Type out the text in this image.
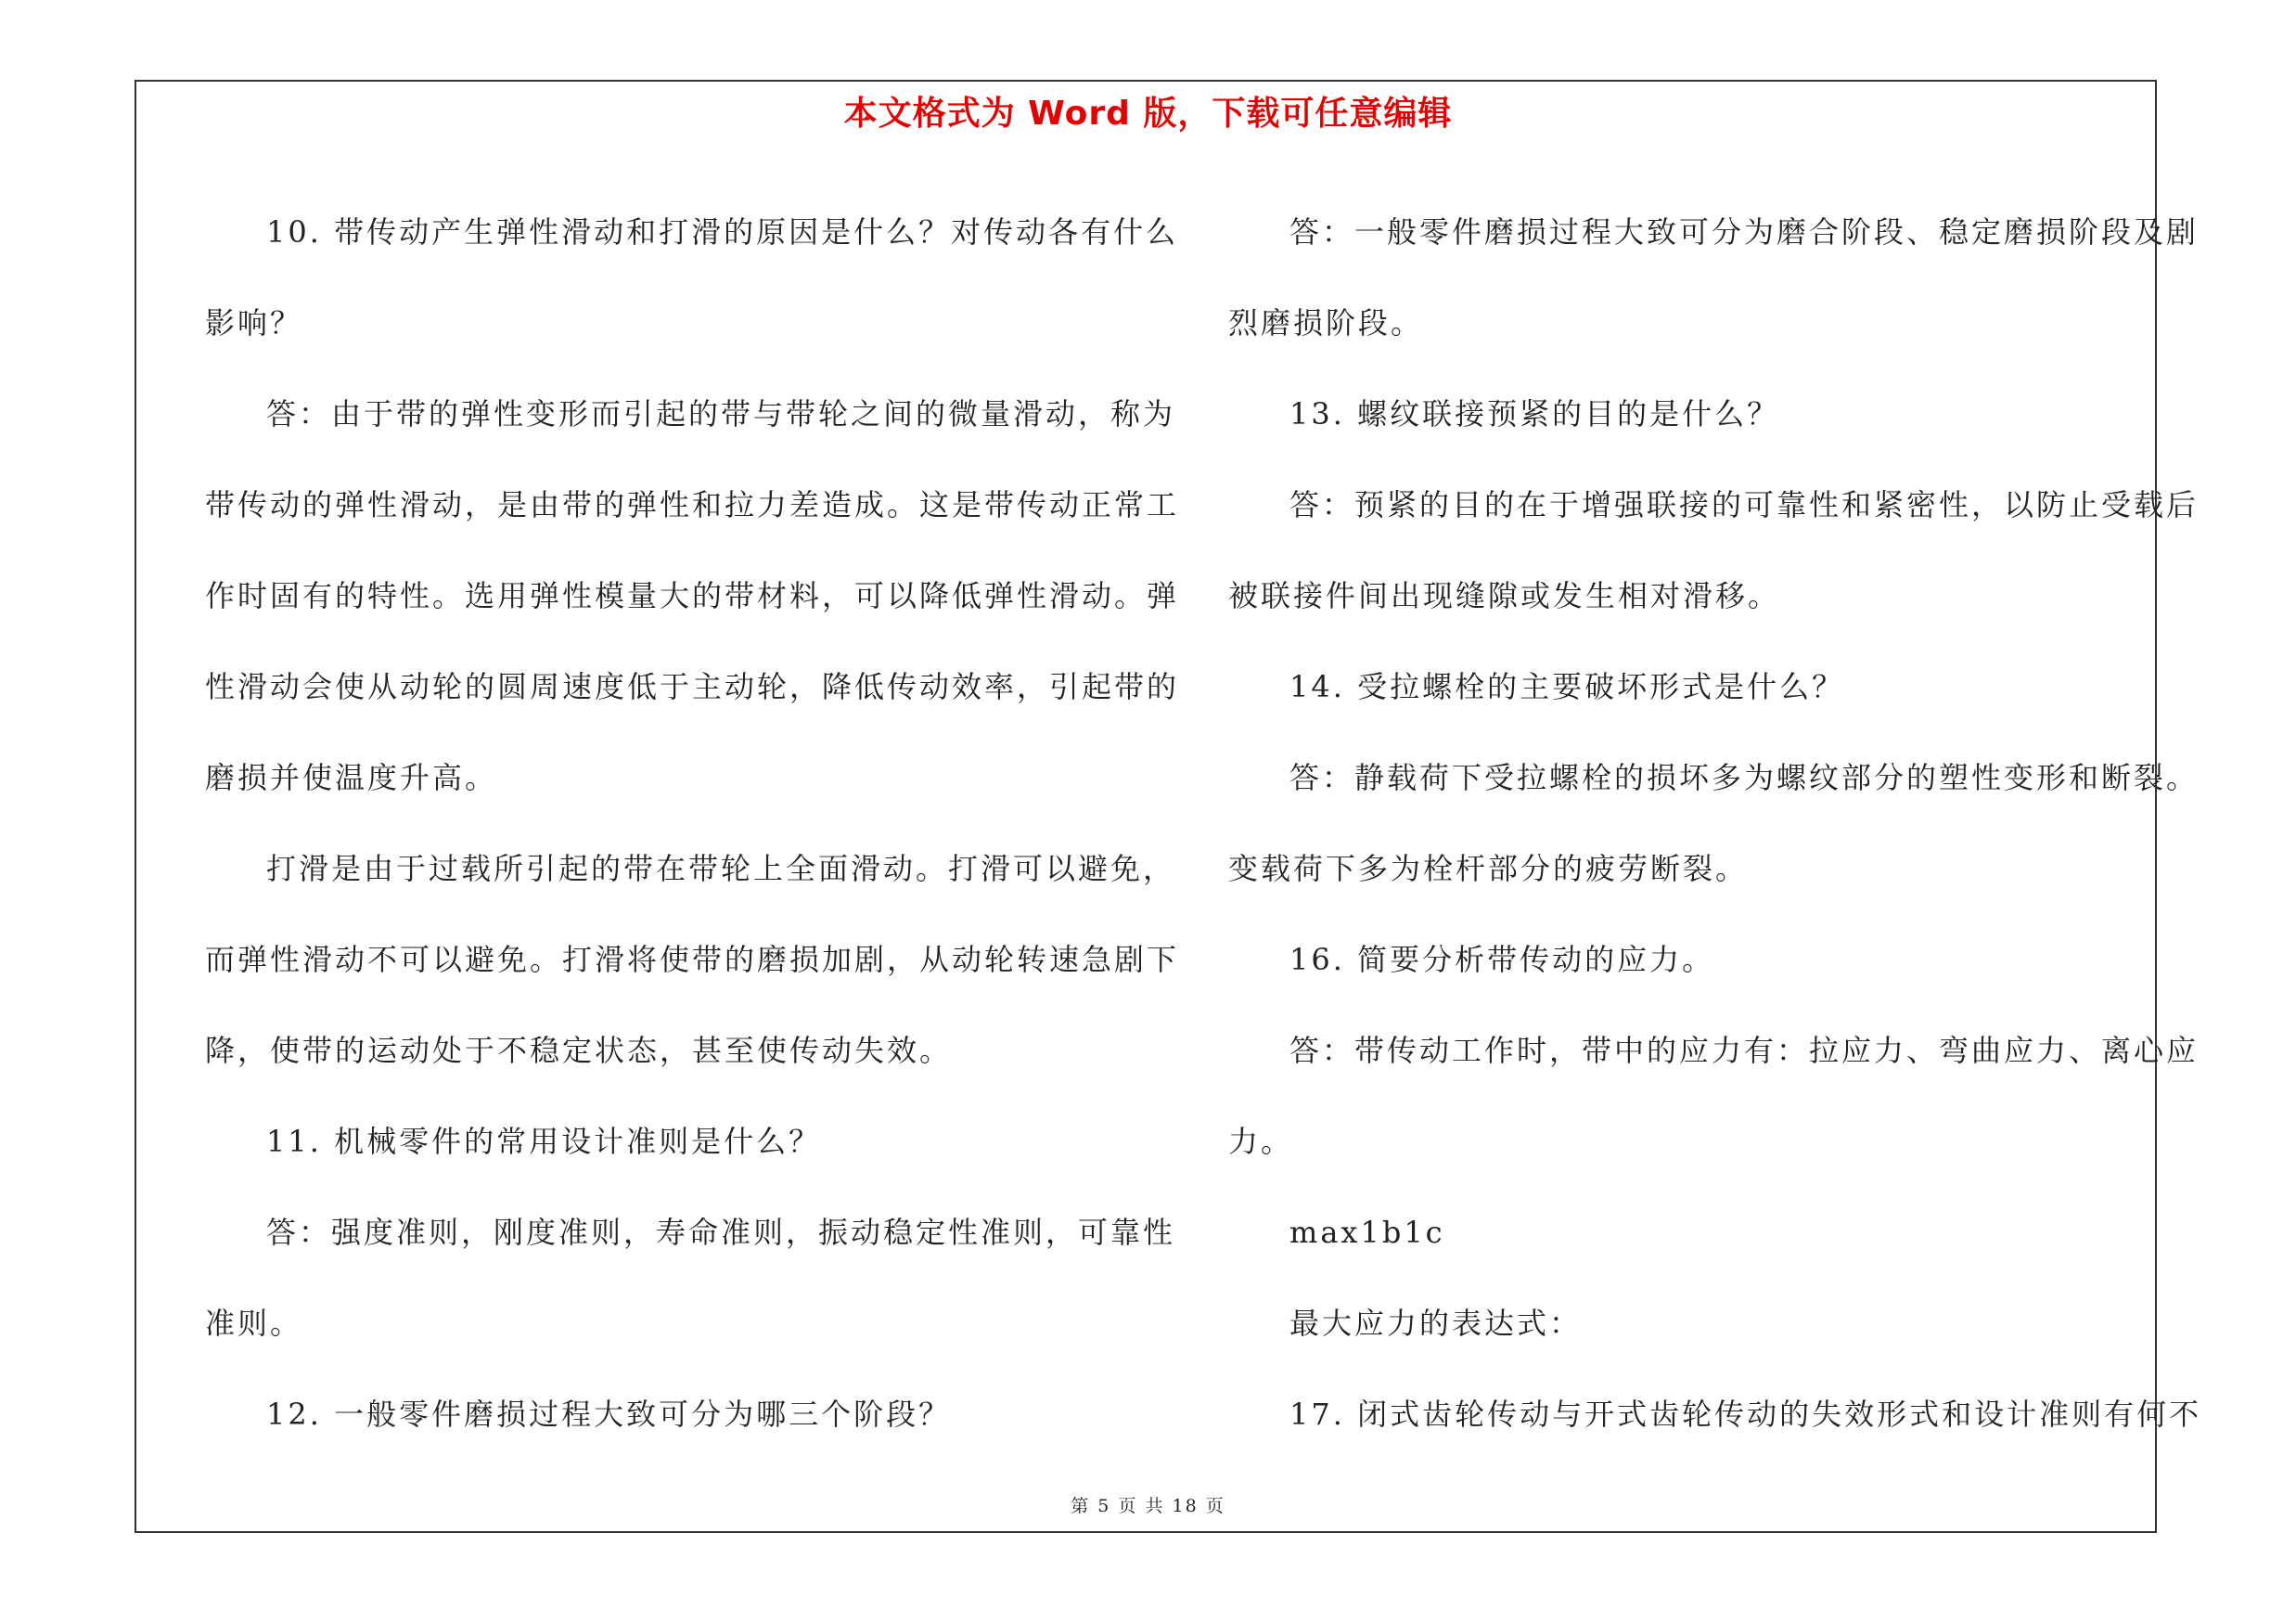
本文格式为 Word 版，下载可任意编辑
10. 带传动产生弹性滑动和打滑的原因是什么？对传动各有什么
影响？
答：由于带的弹性变形而引起的带与带轮之间的微量滑动，称为
带传动的弹性滑动，是由带的弹性和拉力差造成。这是带传动正常工
作时固有的特性。选用弹性模量大的带材料，可以降低弹性滑动。弹
性滑动会使从动轮的圆周速度低于主动轮，降低传动效率，引起带的
磨损并使温度升高。
打滑是由于过载所引起的带在带轮上全面滑动。打滑可以避免，
而弹性滑动不可以避免。打滑将使带的磨损加剧，从动轮转速急剧下
降，使带的运动处于不稳定状态，甚至使传动失效。
11. 机械零件的常用设计准则是什么？
答：强度准则，刚度准则，寿命准则，振动稳定性准则，可靠性
准则。
12. 一般零件磨损过程大致可分为哪三个阶段？
答：一般零件磨损过程大致可分为磨合阶段、稳定磨损阶段及剧
烈磨损阶段。
13. 螺纹联接预紧的目的是什么？
答：预紧的目的在于增强联接的可靠性和紧密性，以防止受载后
被联接件间出现缝隙或发生相对滑移。
14. 受拉螺栓的主要破坏形式是什么？
答：静载荷下受拉螺栓的损坏多为螺纹部分的塑性变形和断裂。
变载荷下多为栓杆部分的疲劳断裂。
16. 简要分析带传动的应力。
答：带传动工作时，带中的应力有：拉应力、弯曲应力、离心应
力。
max1b1c
最大应力的表达式：
17. 闭式齿轮传动与开式齿轮传动的失效形式和设计准则有何不
第 5 页 共 18 页
